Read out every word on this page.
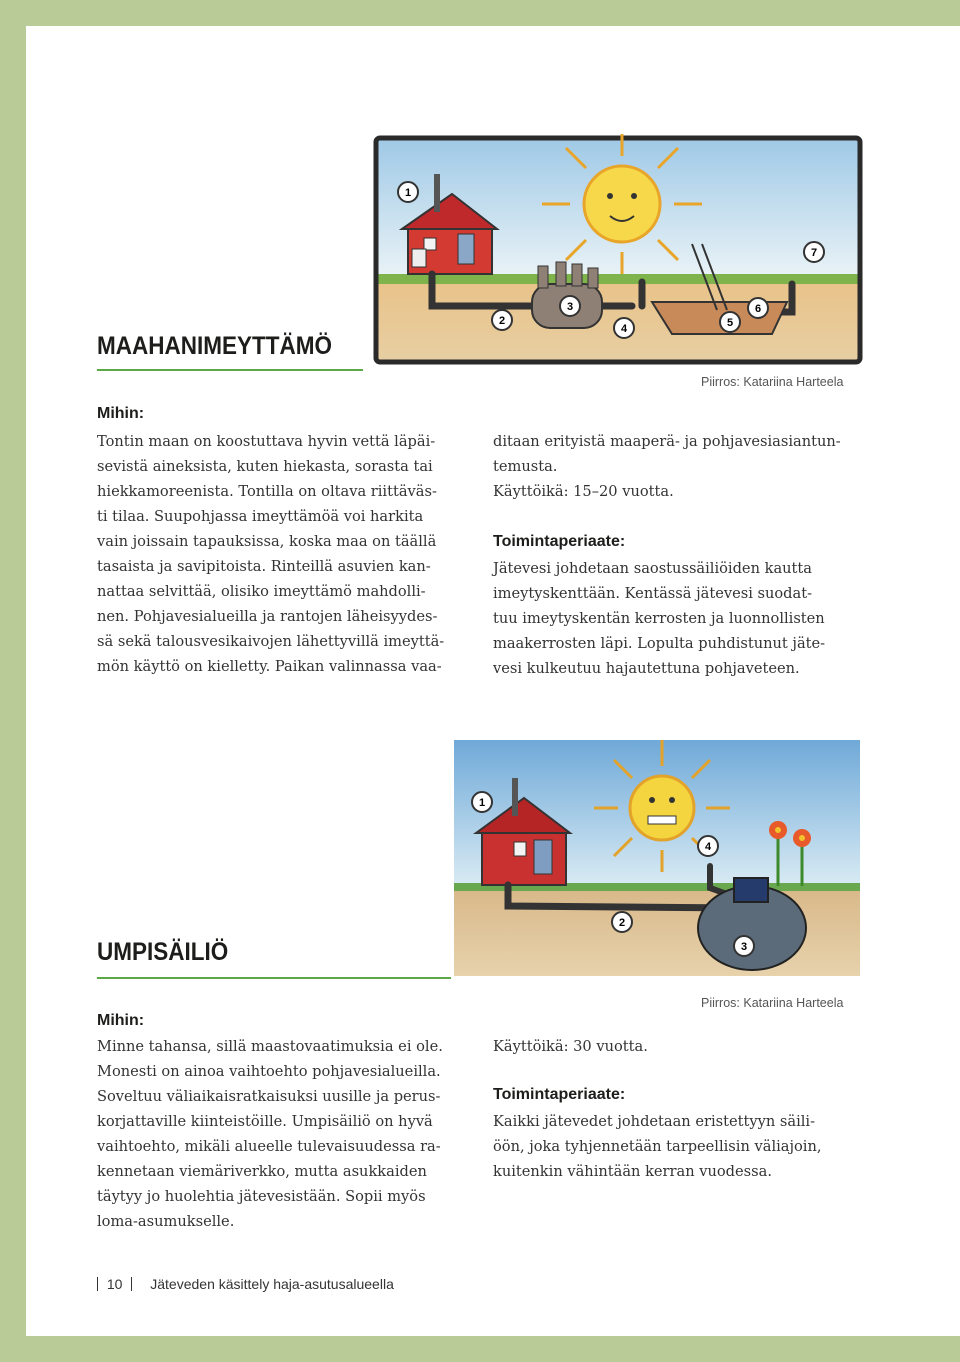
1
2
3
4	5
6
7
MAAHANIMEYTTÄMÖ
Piirros: Katariina Harteela
Mihin:
Tontin maan on koostuttava hyvin vettä läpäi-
sevistä aineksista, kuten hiekasta, sorasta tai
hiekkamoreenista. Tontilla on oltava riittäväs-
ti tilaa. Suupohjassa imeyttämöä voi harkita
vain joissain tapauksissa, koska maa on täällä
tasaista ja savipitoista. Rinteillä asuvien kan-
nattaa selvittää, olisiko imeyttämö mahdolli-
nen. Pohjavesialueilla ja rantojen läheisyydes-
sä sekä talousvesikaivojen lähettyvillä imeyttä-
mön käyttö on kielletty. Paikan valinnassa vaa-
ditaan erityistä maaperä- ja pohjavesiasiantun-
temusta.
Käyttöikä: 15–20 vuotta.
Toimintaperiaate:
Jätevesi johdetaan saostussäiliöiden kautta
imeytyskenttään. Kentässä jätevesi suodat-
tuu imeytyskentän kerrosten ja luonnollisten
maakerrosten läpi. Lopulta puhdistunut jäte-
vesi kulkeutuu hajautettuna pohjaveteen.
1
2
3
4
UMPISÄILIÖ
Piirros: Katariina Harteela
Mihin:
Minne tahansa, sillä maastovaatimuksia ei ole.
Monesti on ainoa vaihtoehto pohjavesialueilla.
Soveltuu väliaikaisratkaisuksi uusille ja perus-
korjattaville kiinteistöille. Umpisäiliö on hyvä
vaihtoehto, mikäli alueelle tulevaisuudessa ra-
kennetaan viemäriverkko, mutta asukkaiden
täytyy jo huolehtia jätevesistään. Sopii myös
loma-asumukselle.
Käyttöikä: 30 vuotta.
Toimintaperiaate:
Kaikki jätevedet johdetaan eristettyyn säili-
öön, joka tyhjennetään tarpeellisin väliajoin,
kuitenkin vähintään kerran vuodessa.
10 Jäteveden käsittely haja-asutusalueella
